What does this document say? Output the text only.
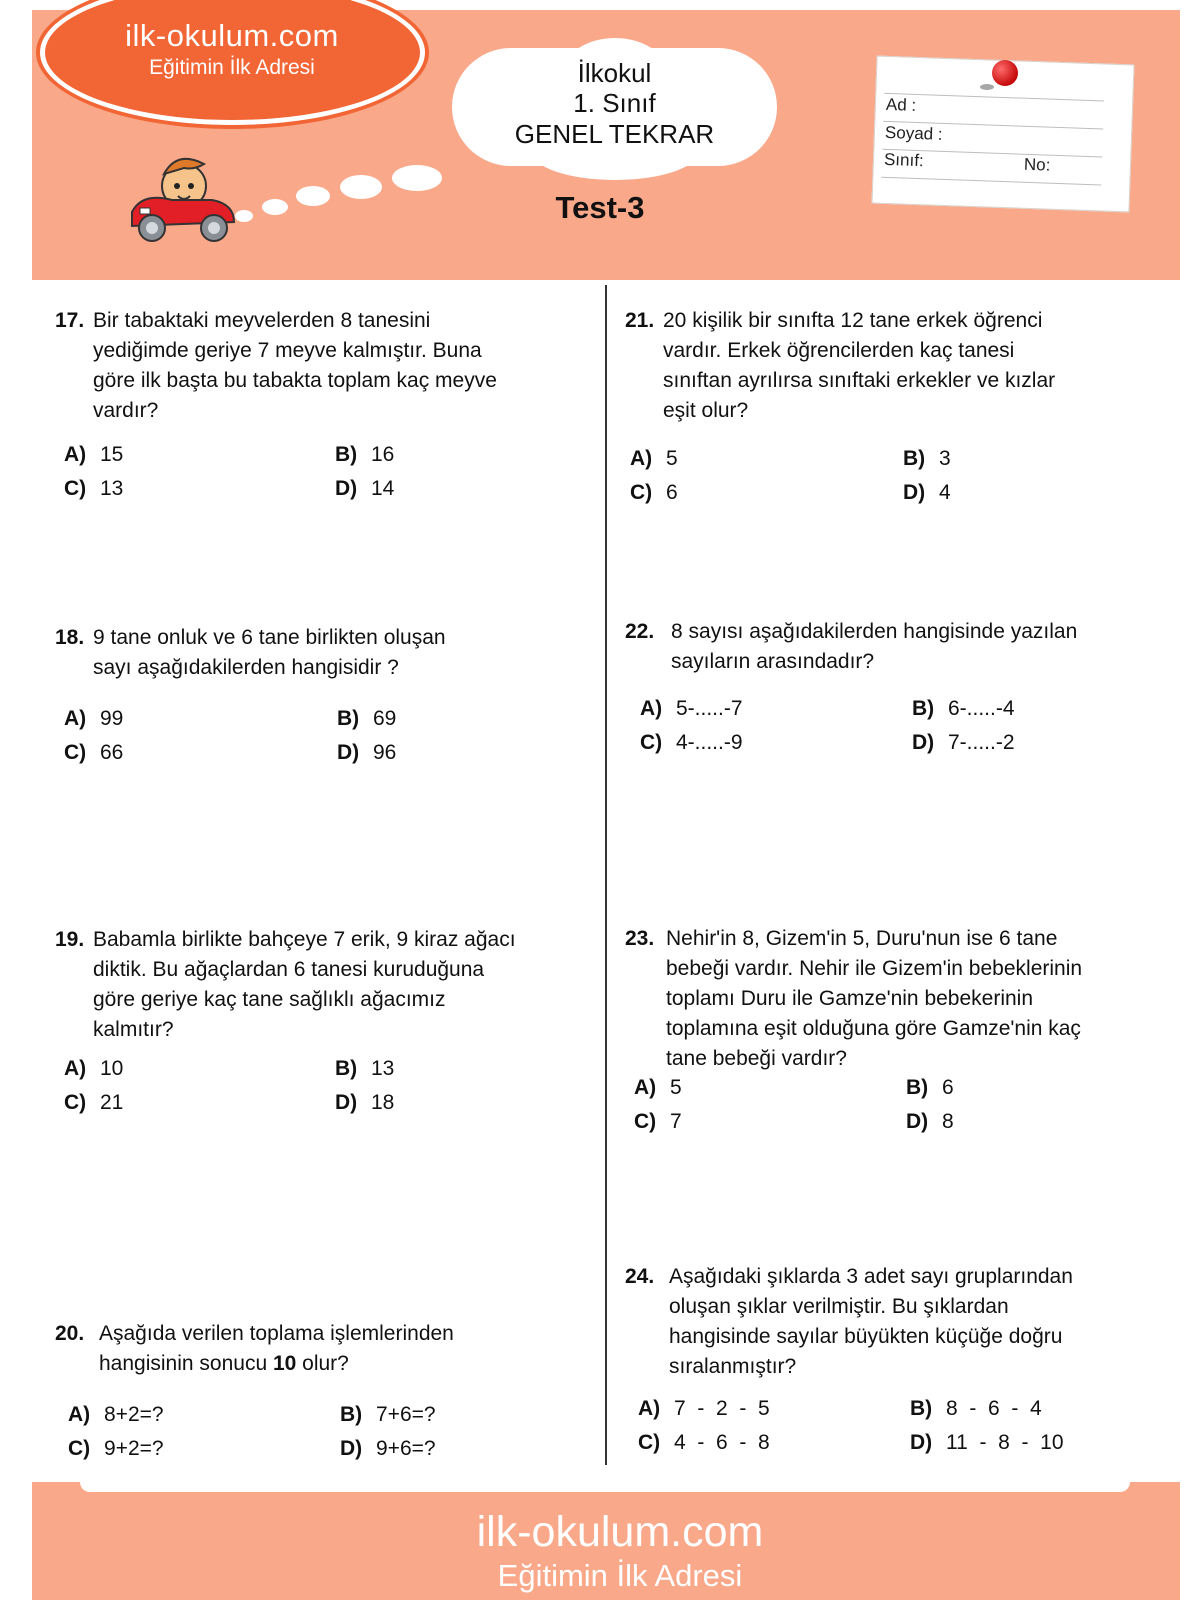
ilk-okulum.com
Eğitimin İlk Adresi	İlkokul
1. Sınıf
GENEL TEKRAR
Test-3
Ad :
Soyad :
Sınıf:	No:
17. Bir tabaktaki meyvelerden 8 tanesini
yediğimde geriye 7 meyve kalmıştır. Buna
göre ilk başta bu tabakta toplam kaç meyve
vardır?
A) 15	B) 16
C) 13	D) 14
18. 9 tane onluk ve 6 tane birlikten oluşan
sayı aşağıdakilerden hangisidir ?
A) 99	B) 69
C) 66	D) 96
19. Babamla birlikte bahçeye 7 erik, 9 kiraz ağacı
diktik. Bu ağaçlardan 6 tanesi kuruduğuna
göre geriye kaç tane sağlıklı ağacımız
kalmıtır?
A) 10	B) 13
C) 21	D) 18
20. Aşağıda verilen toplama işlemlerinden
hangisinin sonucu 10 olur?
A) 8+2=?	B) 7+6=?
C) 9+2=?	D) 9+6=?
21. 20 kişilik bir sınıfta 12 tane erkek öğrenci
vardır. Erkek öğrencilerden kaç tanesi
sınıftan ayrılırsa sınıftaki erkekler ve kızlar
eşit olur?
A) 5	B) 3
C) 6	D) 4
22. 8 sayısı aşağıdakilerden hangisinde yazılan
sayıların arasındadır?
A) 5-.....-7	B) 6-.....-4
C) 4-.....-9	D) 7-.....-2
23. Nehir'in 8, Gizem'in 5, Duru'nun ise 6 tane
bebeği vardır. Nehir ile Gizem'in bebeklerinin
toplamı Duru ile Gamze'nin bebekerinin
toplamına eşit olduğuna göre Gamze'nin kaç
tane bebeği vardır?
A) 5	B) 6
C) 7	D) 8
24. Aşağıdaki şıklarda 3 adet sayı gruplarından
oluşan şıklar verilmiştir. Bu şıklardan
hangisinde sayılar büyükten küçüğe doğru
sıralanmıştır?
A) 7  -  2  -  5	B) 8  -  6  -  4
C) 4  -  6  -  8	D) 11  -  8  -  10
ilk-okulum.com
Eğitimin İlk Adresi
